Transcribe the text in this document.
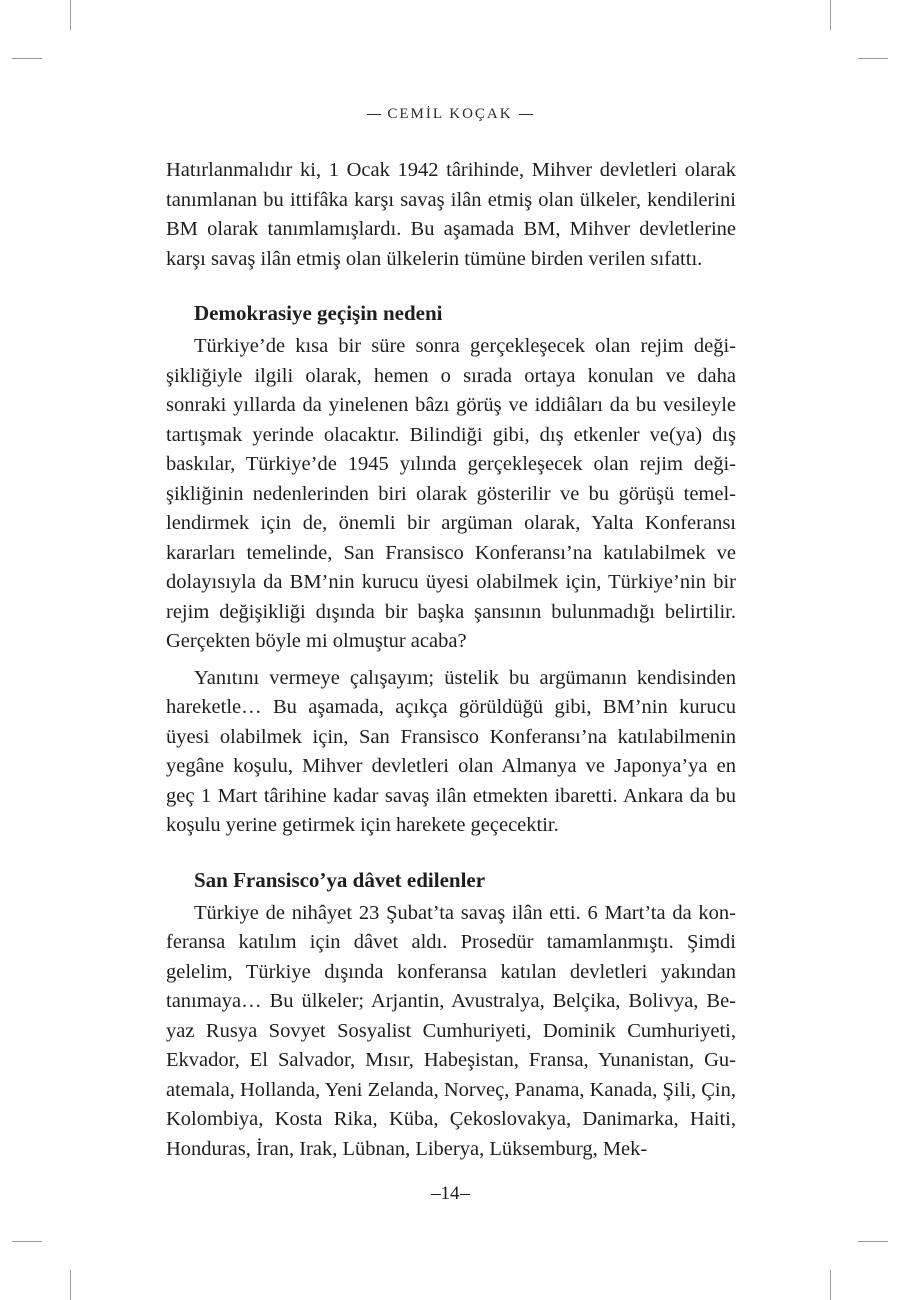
CEMİL KOÇAK

Hatırlanmalıdır ki, 1 Ocak 1942 târihinde, Mihver devletleri olarak tanımlanan bu ittifâka karşı savaş ilân etmiş olan ülkeler, kendilerini BM olarak tanımlamışlardı. Bu aşamada BM, Mihver devletlerine karşı savaş ilân etmiş olan ülkelerin tümüne birden verilen sıfattı.

Demokrasiye geçişin nedeni

Türkiye’de kısa bir süre sonra gerçekleşecek olan rejim değişikliğiyle ilgili olarak, hemen o sırada ortaya konulan ve daha sonraki yıllarda da yinelenen bâzı görüş ve iddiâları da bu vesileyle tartışmak yerinde olacaktır. Bilindiği gibi, dış etkenler ve(ya) dış baskılar, Türkiye’de 1945 yılında gerçekleşecek olan rejim değişikliğinin nedenlerinden biri olarak gösterilir ve bu görüşü temellendirmek için de, önemli bir argüman olarak, Yalta Konferansı kararları temelinde, San Fransisco Konferansı’na katılabilmek ve dolayısıyla da BM’nin kurucu üyesi olabilmek için, Türkiye’nin bir rejim değişikliği dışında bir başka şansının bulunmadığı belirtilir. Gerçekten böyle mi olmuştur acaba?

Yanıtını vermeye çalışayım; üstelik bu argümanın kendisinden hareketle… Bu aşamada, açıkça görüldüğü gibi, BM’nin kurucu üyesi olabilmek için, San Fransisco Konferansı’na katılabilmenin yegâne koşulu, Mihver devletleri olan Almanya ve Japonya’ya en geç 1 Mart târihine kadar savaş ilân etmekten ibaretti. Ankara da bu koşulu yerine getirmek için harekete geçecektir.

San Fransisco’ya dâvet edilenler

Türkiye de nihâyet 23 Şubat’ta savaş ilân etti. 6 Mart’ta da konferansa katılım için dâvet aldı. Prosedür tamamlanmıştı. Şimdi gelelim, Türkiye dışında konferansa katılan devletleri yakından tanımaya… Bu ülkeler; Arjantin, Avustralya, Belçika, Bolivya, Beyaz Rusya Sovyet Sosyalist Cumhuriyeti, Dominik Cumhuriyeti, Ekvador, El Salvador, Mısır, Habeşistan, Fransa, Yunanistan, Guatemala, Hollanda, Yeni Zelanda, Norveç, Panama, Kanada, Şili, Çin, Kolombiya, Kosta Rika, Küba, Çekoslovakya, Danimarka, Haiti, Honduras, İran, Irak, Lübnan, Liberya, Lüksemburg, Mek-

14
